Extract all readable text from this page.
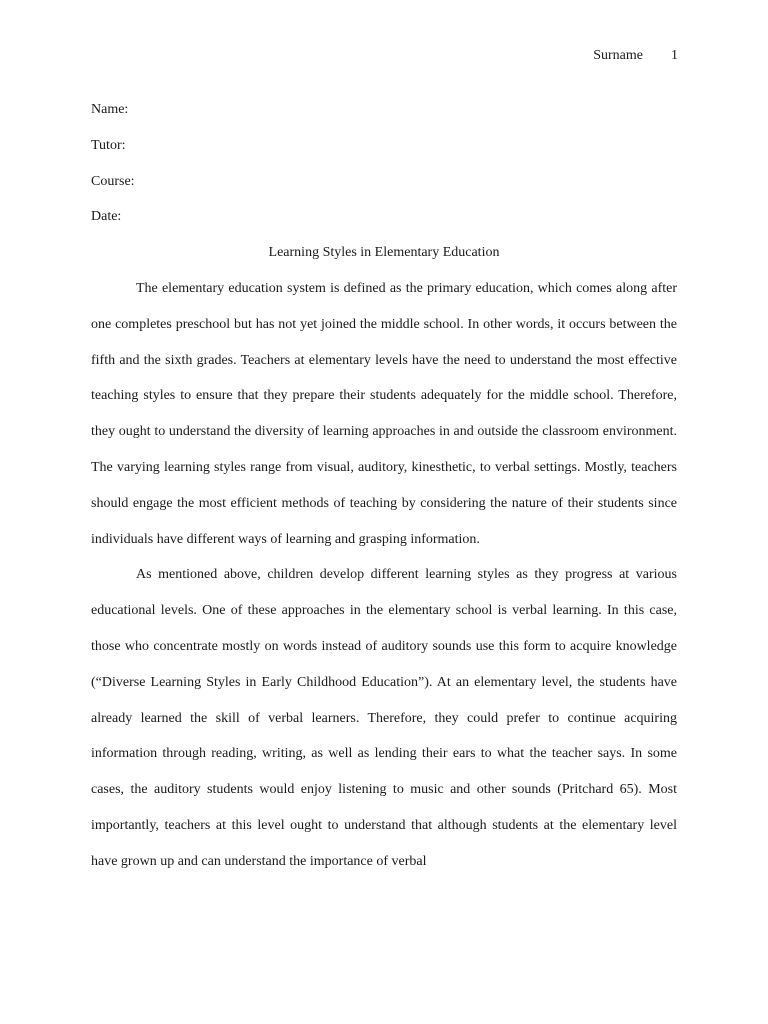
Surname 1

Name:

Tutor:

Course:

Date:

Learning Styles in Elementary Education

The elementary education system is defined as the primary education, which comes along after one completes preschool but has not yet joined the middle school. In other words, it occurs between the fifth and the sixth grades. Teachers at elementary levels have the need to understand the most effective teaching styles to ensure that they prepare their students adequately for the middle school. Therefore, they ought to understand the diversity of learning approaches in and outside the classroom environment. The varying learning styles range from visual, auditory, kinesthetic, to verbal settings. Mostly, teachers should engage the most efficient methods of teaching by considering the nature of their students since individuals have different ways of learning and grasping information.

As mentioned above, children develop different learning styles as they progress at various educational levels. One of these approaches in the elementary school is verbal learning. In this case, those who concentrate mostly on words instead of auditory sounds use this form to acquire knowledge (“Diverse Learning Styles in Early Childhood Education”). At an elementary level, the students have already learned the skill of verbal learners. Therefore, they could prefer to continue acquiring information through reading, writing, as well as lending their ears to what the teacher says. In some cases, the auditory students would enjoy listening to music and other sounds (Pritchard 65). Most importantly, teachers at this level ought to understand that although students at the elementary level have grown up and can understand the importance of verbal
